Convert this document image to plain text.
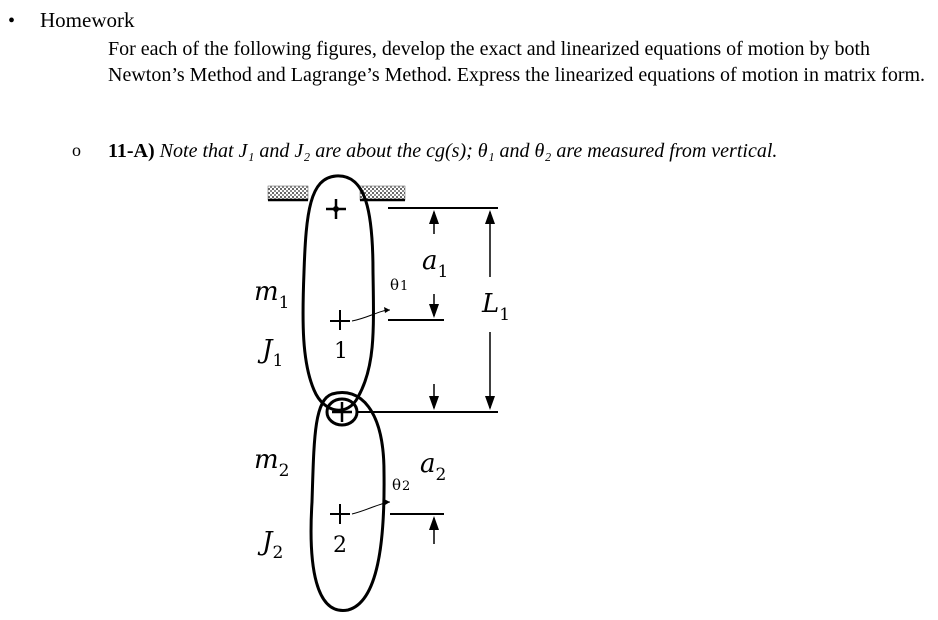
• Homework
For each of the following figures, develop the exact and linearized equations of motion by both Newton’s Method and Lagrange’s Method. Express the linearized equations of motion in matrix form.
o 11-A) Note that J₁ and J₂ are about the cg(s); θ₁ and θ₂ are measured from vertical.
1
2
θ1
θ2
$m_1$
$J_1$
$m_2$
$J_2$
$a_1$
$L_1$
$a_2$
